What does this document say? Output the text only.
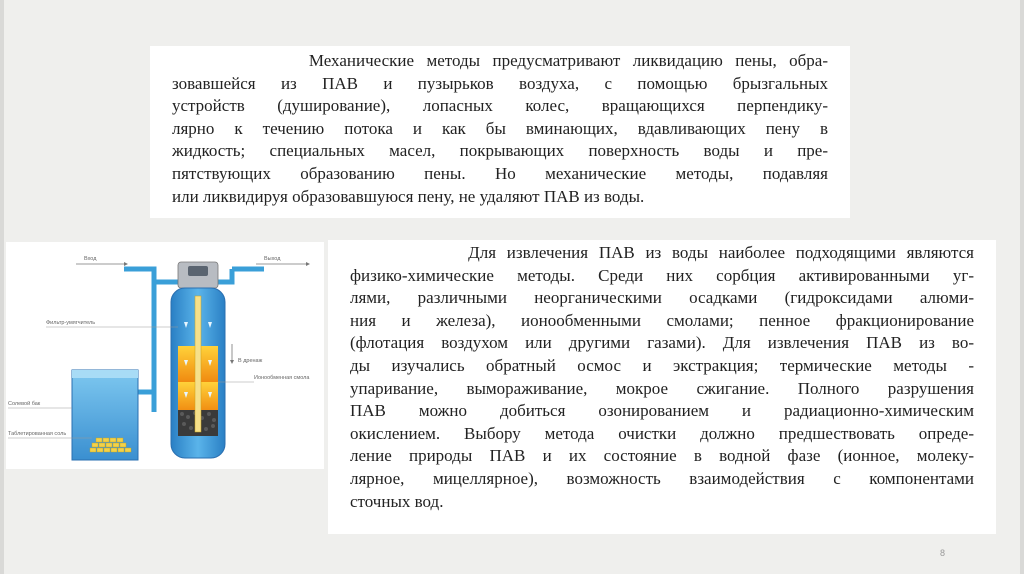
Механические методы предусматривают ликвидацию пены, обра-
зовавшейся из ПАВ и пузырьков воздуха, с помощью брызгальных
устройств (душирование), лопасных колес, вращающихся перпендику-
лярно к течению потока и как бы вминающих, вдавливающих пену в
жидкость; специальных масел, покрывающих поверхность воды и пре-
пятствующих образованию пены. Но механические методы, подавляя
или ликвидируя образовавшуюся пену, не удаляют ПАВ из воды.

Вход	Выход
В дренаж
Фильтр-умягчитель
Ионообменная смола
Солевой бак
Таблетированная соль

Для извлечения ПАВ из воды наиболее подходящими являются
физико-химические методы. Среди них сорбция активированными уг-
лями, различными неорганическими осадками (гидроксидами алюми-
ния и железа), ионообменными смолами; пенное фракционирование
(флотация воздухом или другими газами). Для извлечения ПАВ из во-
ды изучались обратный осмос и экстракция; термические методы -
упаривание, вымораживание, мокрое сжигание. Полного разрушения
ПАВ можно добиться озонированием и радиационно-химическим
окислением. Выбору метода очистки должно предшествовать опреде-
ление природы ПАВ и их состояние в водной фазе (ионное, молеку-
лярное, мицеллярное), возможность взаимодействия с компонентами
сточных вод.

8
